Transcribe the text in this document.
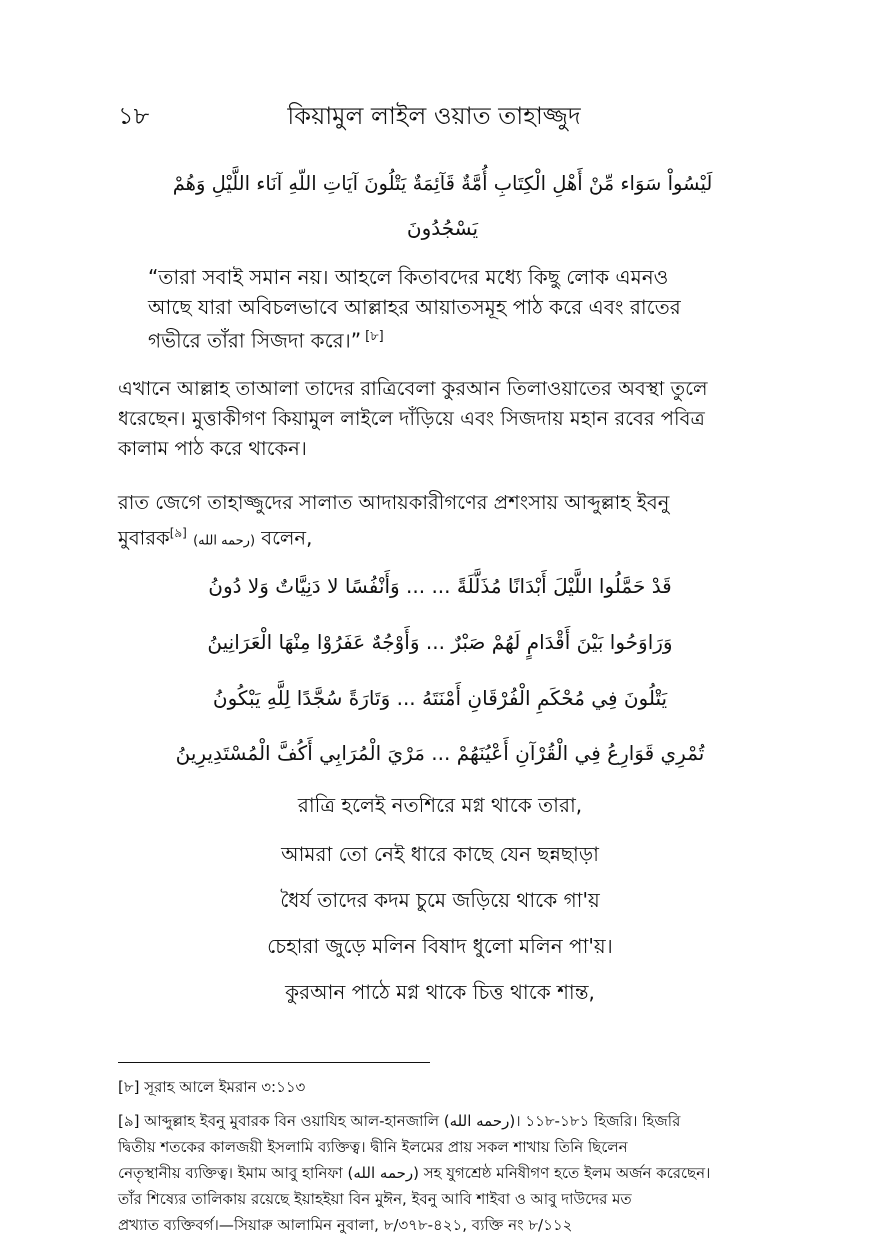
১৮	কিয়ামুল লাইল ওয়াত তাহাজ্জুদ
لَيْسُواْ سَوَاء مِّنْ أَهْلِ الْكِتَابِ أُمَّةٌ قَآئِمَةٌ يَتْلُونَ آيَاتِ اللّهِ آنَاء اللَّيْلِ وَهُمْ
يَسْجُدُونَ
“তারা সবাই সমান নয়। আহলে কিতাবদের মধ্যে কিছু লোক এমনও
আছে যারা অবিচলভাবে আল্লাহর আয়াতসমূহ পাঠ করে এবং রাতের
গভীরে তাঁরা সিজদা করে।” [৮]
এখানে আল্লাহ তাআলা তাদের রাত্রিবেলা কুরআন তিলাওয়াতের অবস্থা তুলে
ধরেছেন। মুত্তাকীগণ কিয়ামুল লাইলে দাঁড়িয়ে এবং সিজদায় মহান রবের পবিত্র
কালাম পাঠ করে থাকেন।
রাত জেগে তাহাজ্জুদের সালাত আদায়কারীগণের প্রশংসায় আব্দুল্লাহ ইবনু
মুবারক[৯] (رحمه الله) বলেন,
قَدْ حَمَّلُوا اللَّيْلَ أَبْدَانًا مُذَلَّلَةً ... ... وَأَنْفُسًا لا دَنِيَّاتٌ وَلا دُونُ
وَرَاوَحُوا بَيْنَ أَقْدَامٍ لَهُمْ صَبْرٌ ... وَأَوْجُهٌ عَفَرُوْا مِنْهَا الْعَرَانِينُ
يَتْلُونَ فِي مُحْكَمِ الْفُرْقَانِ أَمْنَتَهُ ... وَتَارَةً سُجَّدًا لِلَّهِ يَبْكُونُ
تُمْرِي قَوَارِعُ فِي الْقُرْآنِ أَعْيُنَهُمْ ... مَرْيَ الْمُرَابِي أَكُفَّ الْمُسْتَدِيرِينُ
রাত্রি হলেই নতশিরে মগ্ন থাকে তারা,
আমরা তো নেই ধারে কাছে যেন ছন্নছাড়া
ধৈর্য তাদের কদম চুমে জড়িয়ে থাকে গা'য়
চেহারা জুড়ে মলিন বিষাদ ধুলো মলিন পা'য়।
কুরআন পাঠে মগ্ন থাকে চিত্ত থাকে শান্ত,
[৮] সূরাহ আলে ইমরান ৩:১১৩
[৯] আব্দুল্লাহ ইবনু মুবারক বিন ওয়াযিহ আল-হানজালি (رحمه الله)। ১১৮-১৮১ হিজরি। হিজরি
দ্বিতীয় শতকের কালজয়ী ইসলামি ব্যক্তিত্ব। দ্বীনি ইলমের প্রায় সকল শাখায় তিনি ছিলেন
নেতৃস্থানীয় ব্যক্তিত্ব। ইমাম আবু হানিফা (رحمه الله) সহ যুগশ্রেষ্ঠ মনিষীগণ হতে ইলম অর্জন করেছেন।
তাঁর শিষ্যের তালিকায় রয়েছে ইয়াহইয়া বিন মুঈন, ইবনু আবি শাইবা ও আবু দাউদের মত
প্রখ্যাত ব্যক্তিবর্গ।—সিয়ারু আলামিন নুবালা, ৮/৩৭৮-৪২১, ব্যক্তি নং ৮/১১২
